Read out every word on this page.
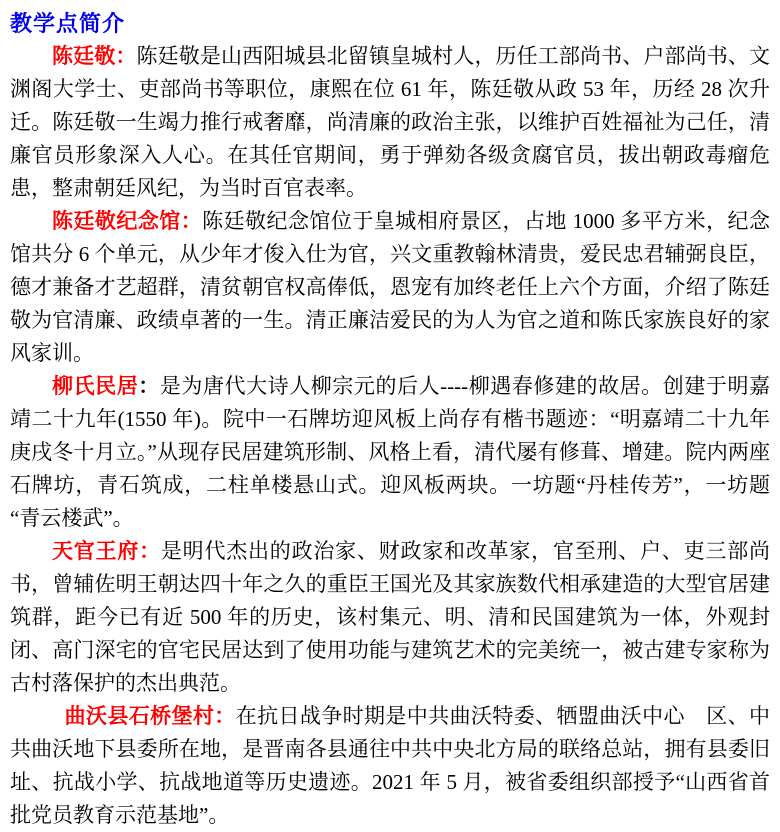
教学点简介

陈廷敬：陈廷敬是山西阳城县北留镇皇城村人，历任工部尚书、户部尚书、文渊阁大学士、吏部尚书等职位，康熙在位 61 年，陈廷敬从政 53 年，历经 28 次升迁。陈廷敬一生竭力推行戒奢靡，尚清廉的政治主张，以维护百姓福祉为己任，清廉官员形象深入人心。在其任官期间，勇于弹劾各级贪腐官员，拔出朝政毒瘤危患，整肃朝廷风纪，为当时百官表率。

陈廷敬纪念馆：陈廷敬纪念馆位于皇城相府景区，占地 1000 多平方米，纪念馆共分 6 个单元，从少年才俊入仕为官，兴文重教翰林清贵，爱民忠君辅弼良臣，德才兼备才艺超群，清贫朝官权高俸低，恩宠有加终老任上六个方面，介绍了陈廷敬为官清廉、政绩卓著的一生。清正廉洁爱民的为人为官之道和陈氏家族良好的家风家训。

柳氏民居：是为唐代大诗人柳宗元的后人----柳遇春修建的故居。创建于明嘉靖二十九年(1550 年)。院中一石牌坊迎风板上尚存有楷书题迹：“明嘉靖二十九年庚戌冬十月立。”从现存民居建筑形制、风格上看，清代屡有修葺、增建。院内两座石牌坊，青石筑成，二柱单楼悬山式。迎风板两块。一坊题“丹桂传芳”，一坊题“青云楼武”。

天官王府：是明代杰出的政治家、财政家和改革家，官至刑、户、吏三部尚书，曾辅佐明王朝达四十年之久的重臣王国光及其家族数代相承建造的大型官居建筑群，距今已有近 500 年的历史，该村集元、明、清和民国建筑为一体，外观封闭、高门深宅的官宅民居达到了使用功能与建筑艺术的完美统一，被古建专家称为古村落保护的杰出典范。

曲沃县石桥堡村：在抗日战争时期是中共曲沃特委、牺盟曲沃中心　区、中共曲沃地下县委所在地，是晋南各县通往中共中央北方局的联络总站，拥有县委旧址、抗战小学、抗战地道等历史遗迹。2021 年 5 月，被省委组织部授予“山西省首批党员教育示范基地”。
